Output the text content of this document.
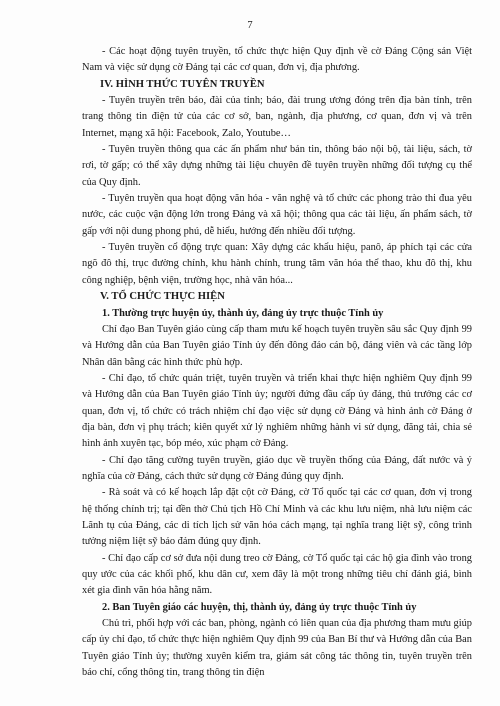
7

- Các hoạt động tuyên truyền, tổ chức thực hiện Quy định về cờ Đảng Cộng sản Việt Nam và việc sử dụng cờ Đảng tại các cơ quan, đơn vị, địa phương.

IV. HÌNH THỨC TUYÊN TRUYỀN

- Tuyên truyền trên báo, đài của tỉnh; báo, đài trung ương đóng trên địa bàn tỉnh, trên trang thông tin điện tử của các cơ sở, ban, ngành, địa phương, cơ quan, đơn vị và trên Internet, mạng xã hội: Facebook, Zalo, Youtube…

- Tuyên truyền thông qua các ấn phẩm như bản tin, thông báo nội bộ, tài liệu, sách, tờ rơi, tờ gấp; có thể xây dựng những tài liệu chuyên đề tuyên truyền những đối tượng cụ thể của Quy định.

- Tuyên truyền qua hoạt động văn hóa - văn nghệ và tổ chức các phong trào thi đua yêu nước, các cuộc vận động lớn trong Đảng và xã hội; thông qua các tài liệu, ấn phẩm sách, tờ gấp với nội dung phong phú, dễ hiểu, hướng đến nhiều đối tượng.

- Tuyên truyền cổ động trực quan: Xây dựng các khẩu hiệu, panô, áp phích tại các cửa ngõ đô thị, trục đường chính, khu hành chính, trung tâm văn hóa thể thao, khu đô thị, khu công nghiệp, bệnh viện, trường học, nhà văn hóa...

V. TỔ CHỨC THỰC HIỆN
1. Thường trực huyện ủy, thành ủy, đảng ủy trực thuộc Tỉnh ủy

Chỉ đạo Ban Tuyên giáo cùng cấp tham mưu kế hoạch tuyên truyền sâu sắc Quy định 99 và Hướng dẫn của Ban Tuyên giáo Tỉnh ủy đến đông đảo cán bộ, đảng viên và các tầng lớp Nhân dân bằng các hình thức phù hợp.

- Chỉ đạo, tổ chức quán triệt, tuyên truyền và triển khai thực hiện nghiêm Quy định 99 và Hướng dẫn của Ban Tuyên giáo Tỉnh ủy; người đứng đầu cấp ủy đảng, thủ trưởng các cơ quan, đơn vị, tổ chức có trách nhiệm chỉ đạo việc sử dụng cờ Đảng và hình ảnh cờ Đảng ở địa bàn, đơn vị phụ trách; kiên quyết xử lý nghiêm những hành vi sử dụng, đăng tải, chia sẻ hình ảnh xuyên tạc, bóp méo, xúc phạm cờ Đảng.

- Chỉ đạo tăng cường tuyên truyền, giáo dục về truyền thống của Đảng, đất nước và ý nghĩa của cờ Đảng, cách thức sử dụng cờ Đảng đúng quy định.

- Rà soát và có kế hoạch lắp đặt cột cờ Đảng, cờ Tổ quốc tại các cơ quan, đơn vị trong hệ thống chính trị; tại đền thờ Chủ tịch Hồ Chí Minh và các khu lưu niệm, nhà lưu niệm các Lãnh tụ của Đảng, các di tích lịch sử văn hóa cách mạng, tại nghĩa trang liệt sỹ, công trình tưởng niệm liệt sỹ bảo đảm đúng quy định.

- Chỉ đạo cấp cơ sở đưa nội dung treo cờ Đảng, cờ Tổ quốc tại các hộ gia đình vào trong quy ước của các khối phố, khu dân cư, xem đây là một trong những tiêu chí đánh giá, bình xét gia đình văn hóa hằng năm.

2. Ban Tuyên giáo các huyện, thị, thành ủy, đảng ủy trực thuộc Tỉnh ủy

Chủ trì, phối hợp với các ban, phòng, ngành có liên quan của địa phương tham mưu giúp cấp ủy chỉ đạo, tổ chức thực hiện nghiêm Quy định 99 của Ban Bí thư và Hướng dẫn của Ban Tuyên giáo Tỉnh ủy; thường xuyên kiểm tra, giám sát công tác thông tin, tuyên truyền trên báo chí, cổng thông tin, trang thông tin điện
